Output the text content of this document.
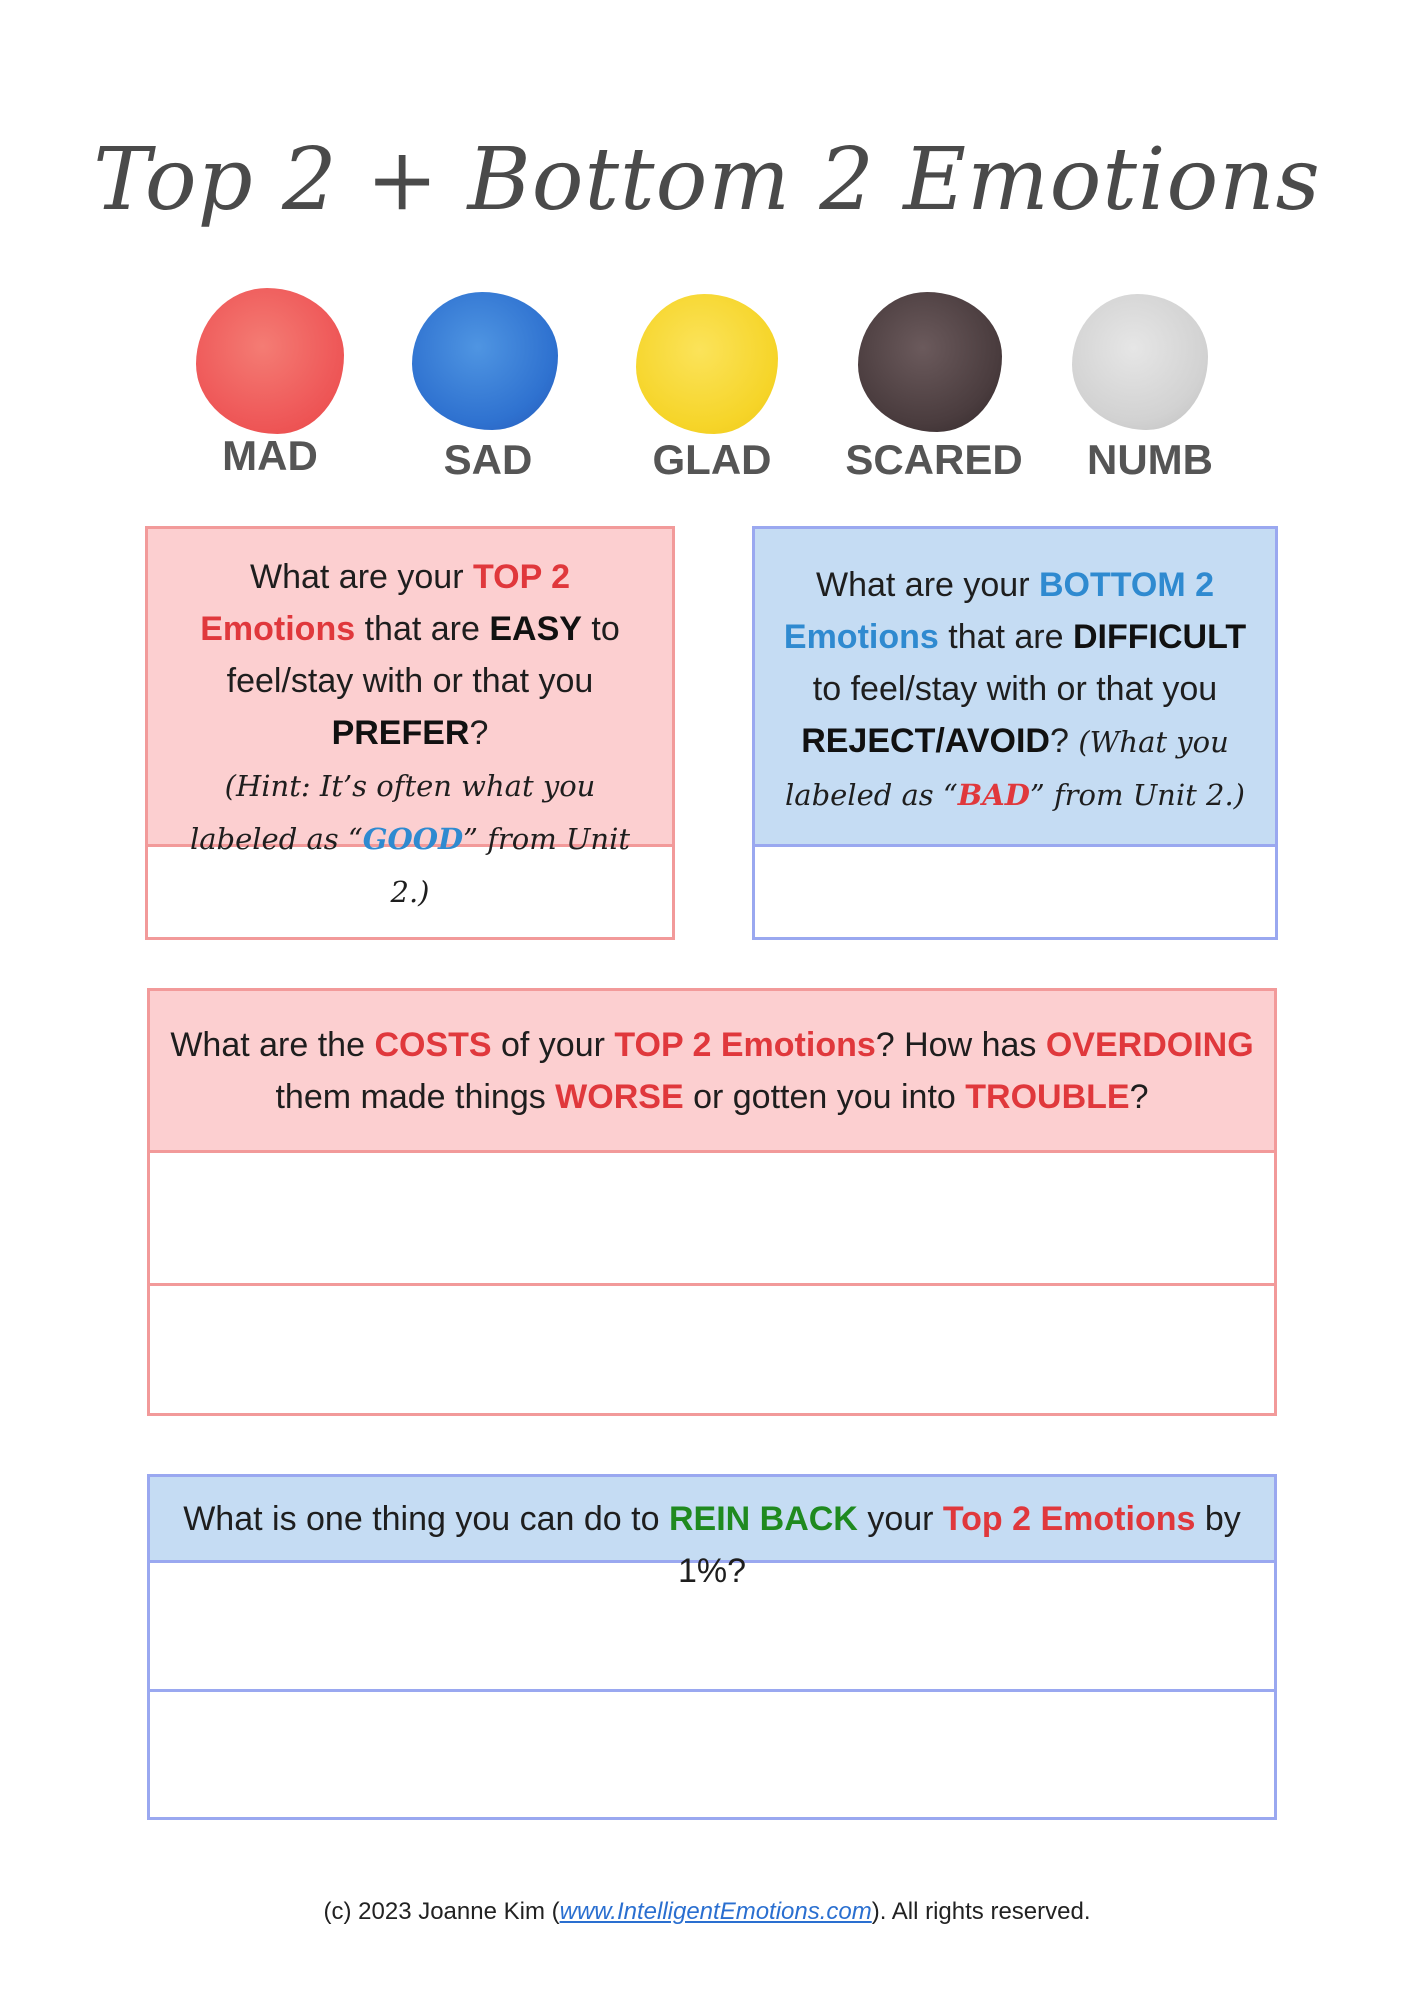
Top 2 + Bottom 2 Emotions
MAD	SAD	GLAD	SCARED	NUMB
What are your TOP 2 Emotions that are EASY to feel/stay with or that you PREFER?
(Hint: It’s often what you labeled as “GOOD” from Unit 2.)
What are your BOTTOM 2 Emotions that are DIFFICULT to feel/stay with or that you REJECT/AVOID? (What you labeled as “BAD” from Unit 2.)
What are the COSTS of your TOP 2 Emotions? How has OVERDOING
them made things WORSE or gotten you into TROUBLE?
What is one thing you can do to REIN BACK your Top 2 Emotions by 1%?
(c) 2023 Joanne Kim (www.IntelligentEmotions.com). All rights reserved.
